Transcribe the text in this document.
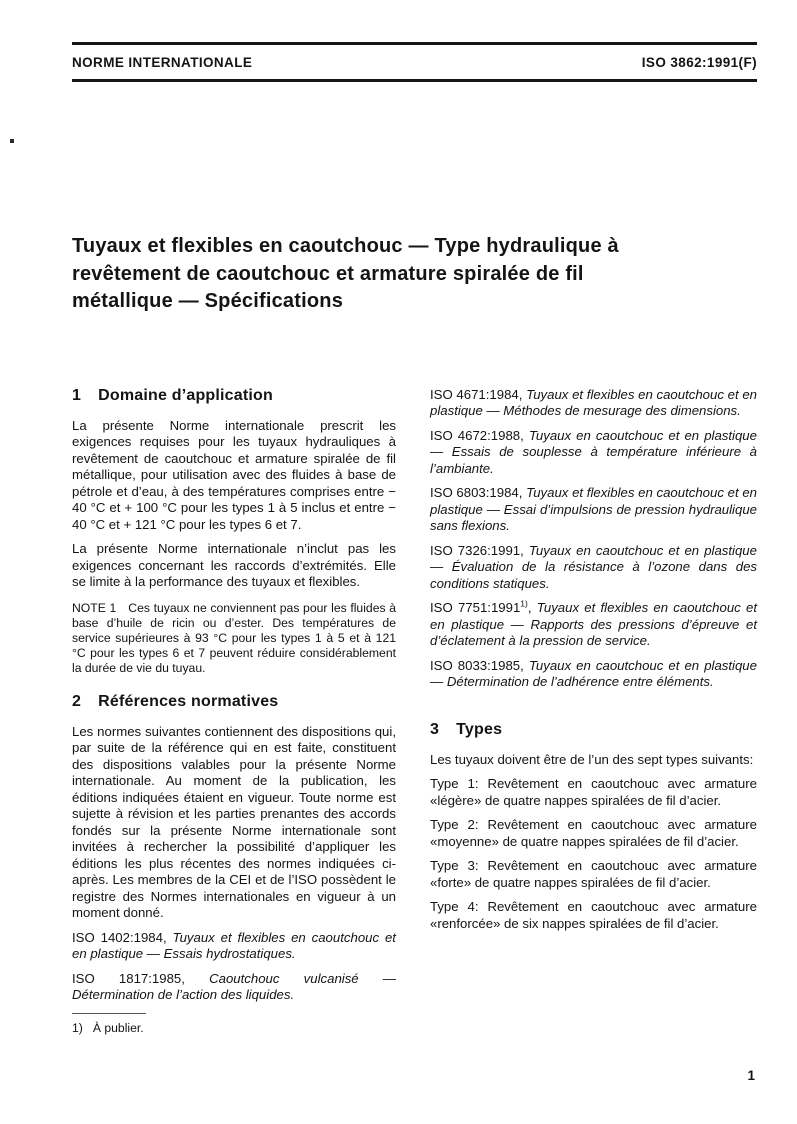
NORME INTERNATIONALE	ISO 3862:1991(F)
Tuyaux et flexibles en caoutchouc — Type hydraulique à revêtement de caoutchouc et armature spiralée de fil métallique — Spécifications
1 Domaine d’application

La présente Norme internationale prescrit les exigences requises pour les tuyaux hydrauliques à revêtement de caoutchouc et armature spiralée de fil métallique, pour utilisation avec des fluides à base de pétrole et d’eau, à des températures comprises entre − 40 °C et + 100 °C pour les types 1 à 5 inclus et entre − 40 °C et + 121 °C pour les types 6 et 7.

La présente Norme internationale n’inclut pas les exigences concernant les raccords d’extrémités. Elle se limite à la performance des tuyaux et flexibles.

NOTE 1 Ces tuyaux ne conviennent pas pour les fluides à base d’huile de ricin ou d’ester. Des températures de service supérieures à 93 °C pour les types 1 à 5 et à 121 °C pour les types 6 et 7 peuvent réduire considérablement la durée de vie du tuyau.

2 Références normatives

Les normes suivantes contiennent des dispositions qui, par suite de la référence qui en est faite, constituent des dispositions valables pour la présente Norme internationale. Au moment de la publication, les éditions indiquées étaient en vigueur. Toute norme est sujette à révision et les parties prenantes des accords fondés sur la présente Norme internationale sont invitées à rechercher la possibilité d’appliquer les éditions les plus récentes des normes indiquées ci-après. Les membres de la CEI et de l’ISO possèdent le registre des Normes internationales en vigueur à un moment donné.

ISO 1402:1984, Tuyaux et flexibles en caoutchouc et en plastique — Essais hydrostatiques.

ISO 1817:1985, Caoutchouc vulcanisé — Détermination de l’action des liquides.

1) À publier.

ISO 4671:1984, Tuyaux et flexibles en caoutchouc et en plastique — Méthodes de mesurage des dimensions.

ISO 4672:1988, Tuyaux en caoutchouc et en plastique — Essais de souplesse à température inférieure à l’ambiante.

ISO 6803:1984, Tuyaux et flexibles en caoutchouc et en plastique — Essai d’impulsions de pression hydraulique sans flexions.

ISO 7326:1991, Tuyaux en caoutchouc et en plastique — Évaluation de la résistance à l’ozone dans des conditions statiques.

ISO 7751:1991$^{1)}$, Tuyaux et flexibles en caoutchouc et en plastique — Rapports des pressions d’épreuve et d’éclatement à la pression de service.

ISO 8033:1985, Tuyaux en caoutchouc et en plastique — Détermination de l’adhérence entre éléments.

3 Types

Les tuyaux doivent être de l’un des sept types suivants:

Type 1: Revêtement en caoutchouc avec armature «légère» de quatre nappes spiralées de fil d’acier.

Type 2: Revêtement en caoutchouc avec armature «moyenne» de quatre nappes spiralées de fil d’acier.

Type 3: Revêtement en caoutchouc avec armature «forte» de quatre nappes spiralées de fil d’acier.

Type 4: Revêtement en caoutchouc avec armature «renforcée» de six nappes spiralées de fil d’acier.

1
